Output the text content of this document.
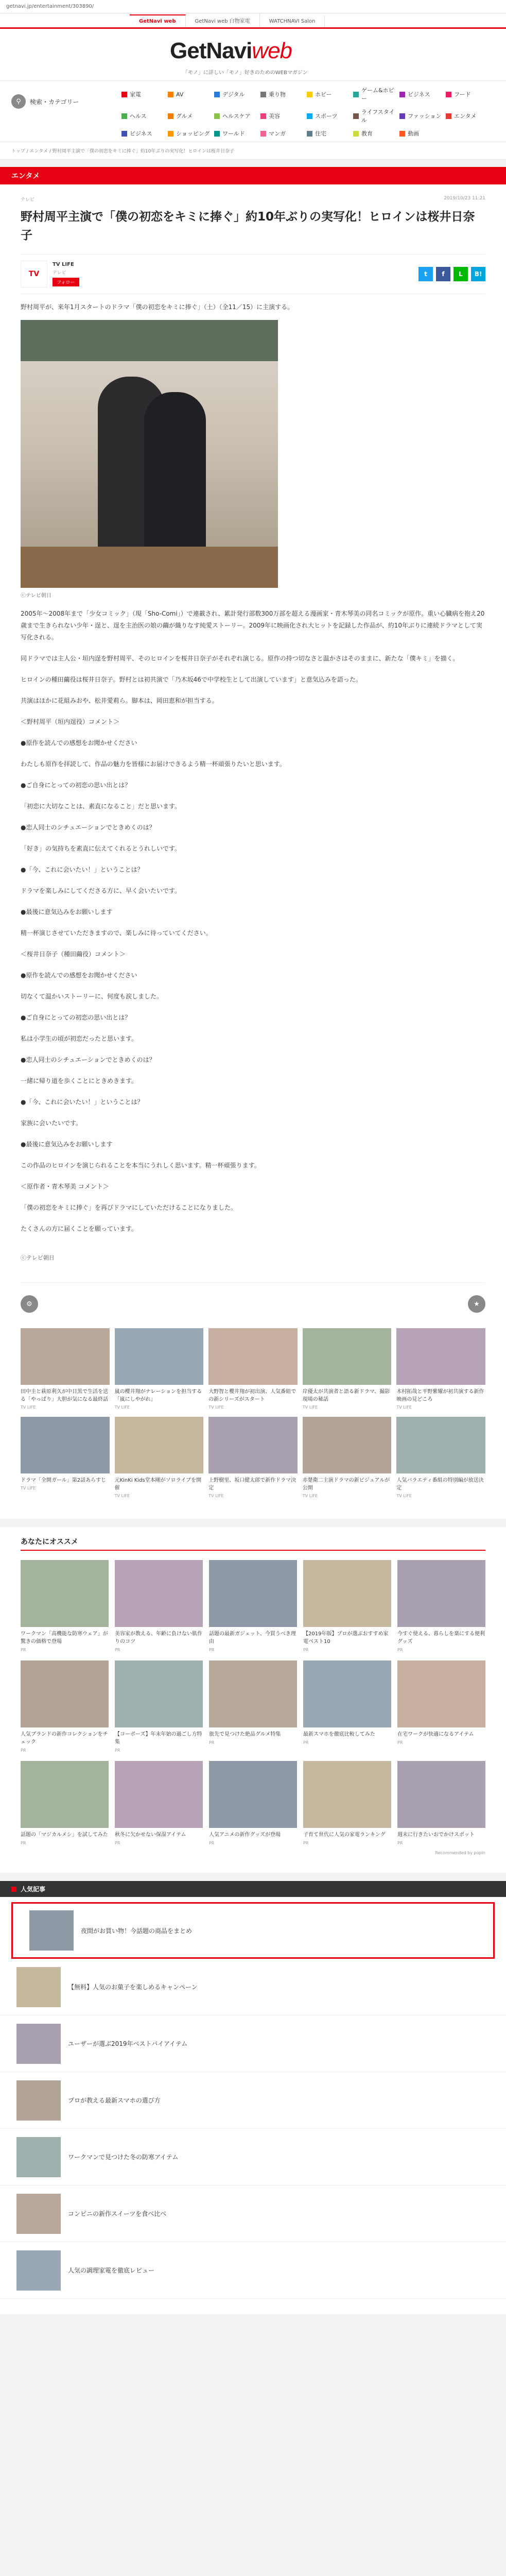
getnavi.jp/entertainment/303890/
GetNavi web	GetNavi web 白物家電	WATCHNAVI Salon
GetNaviweb
「モノ」に詳しい「モノ」好きのためのWEBマガジン
⚲	検索・カテゴリー
家電	AV	デジタル	乗り物	ホビー
ゲーム&ホビー
ビジネス	フード
ヘルス	グルメ	ヘルスケア	美容	スポーツ
ライフスタイル
ファッション エンタメ
ビジネス	ショッピング ワールド	マンガ	住宅	教育	動画
トップ / エンタメ / 野村周平主演で「僕の初恋をキミに捧ぐ」約10年ぶりの実写化！ヒロインは桜井日奈子
エンタメ
テレビ	2019/10/23 11:21
野村周平主演で「僕の初恋をキミに捧ぐ」約10年ぶりの実写化！ヒロインは桜井日奈子
TV
TV LIFE
テレビ
フォロー
t	f	L	B!

野村周平が、来年1月スタートのドラマ「僕の初恋をキミに捧ぐ」（土）（全11／15）に主演する。

ⓒテレビ朝日

2005年～2008年まで「少女コミック」（現「Sho-Comi」）で連載され、累計発行部数300万部を超える漫画家・青木琴美の同名コミックが原作。重い心臓病を抱え20歳まで生きられない少年・逞と、逞を主治医の娘の繭が織りなす純愛ストーリー。2009年に映画化され大ヒットを記録した作品が、約10年ぶりに連続ドラマとして実写化される。

同ドラマでは主人公・垣内逞を野村周平、そのヒロインを桜井日奈子がそれぞれ演じる。原作の持つ切なさと温かさはそのままに、新たな「僕キミ」を描く。

ヒロインの種田繭役は桜井日奈子。野村とは初共演で「乃木坂46で中学校生として出演しています」と意気込みを語った。

共演はほかに花組みおや、松井愛莉ら。脚本は、岡田恵和が担当する。

＜野村周平（垣内逞役）コメント＞

●原作を読んでの感想をお聞かせください

わたしも原作を拝読して、作品の魅力を皆様にお届けできるよう精一杯頑張りたいと思います。

●ご自身にとっての初恋の思い出とは？

「初恋に大切なことは、素直になること」だと思います。

●恋人同士のシチュエーションでときめくのは？

「好き」の気持ちを素直に伝えてくれるとうれしいです。

●「今、これに会いたい！」ということは？

ドラマを楽しみにしてくださる方に、早く会いたいです。

●最後に意気込みをお願いします

精一杯演じさせていただきますので、楽しみに待っていてください。

＜桜井日奈子（種田繭役）コメント＞

●原作を読んでの感想をお聞かせください

切なくて温かいストーリーに、何度も涙しました。

●ご自身にとっての初恋の思い出とは？

私は小学生の頃が初恋だったと思います。

●恋人同士のシチュエーションでときめくのは？

一緒に帰り道を歩くことにときめきます。

●「今、これに会いたい！」ということは？

家族に会いたいです。

●最後に意気込みをお願いします

この作品のヒロインを演じられることを本当にうれしく思います。精一杯頑張ります。

＜原作者・青木琴美 コメント＞

「僕の初恋をキミに捧ぐ」を再びドラマにしていただけることになりました。

たくさんの方に届くことを願っています。

ⓒテレビ朝日
⚙	★
田中圭と萩原利久が中目黒で生活を送る「やっぱり」大胆が気になる最終話
TV LIFE
嵐の櫻井翔がナレーションを担当する「嵐にしやがれ」
TV LIFE
大野智と櫻井翔が初出演、人気番組での新シリーズがスタート
TV LIFE
岸優太が共演者と語る新ドラマ、撮影現場の秘話
TV LIFE
木村拓哉と平野紫耀が初共演する新作映画の見どころ
TV LIFE
ドラマ「全開ガール」第2話あらすじ
TV LIFE
元KinKi Kids堂本剛がソロライブを開催
TV LIFE
上野樹里、坂口健太郎で新作ドラマ決定
TV LIFE
赤楚衛二主演ドラマの新ビジュアルが公開
TV LIFE
人気バラエティ番組の特別編が放送決定
TV LIFE
あなたにオススメ
ワークマン「高機能な防寒ウェア」が驚きの価格で登場
PR
美容家が教える、年齢に負けない肌作りのコツ
PR
話題の最新ガジェット、今買うべき理由
PR
【2019年版】プロが選ぶおすすめ家電ベスト10
PR
今すぐ使える、暮らしを楽にする便利グッズ
PR
人気ブランドの新作コレクションをチェック
PR
【コーポーズ】年末年始の過ごし方特集
PR
旅先で見つけた絶品グルメ特集
PR
最新スマホを徹底比較してみた
PR
在宅ワークが快適になるアイテム
PR
話題の「マジカルメシ」を試してみた
PR
秋冬に欠かせない保湿アイテム
PR
人気アニメの新作グッズが登場
PR
子育て世代に人気の家電ランキング
PR
週末に行きたいおでかけスポット
PR
Recommended by popIn
人気記事
夜間がお買い物！今話題の商品をまとめ
【無料】人気のお菓子を楽しめるキャンペーン
ユーザーが選ぶ2019年ベストバイアイテム
プロが教える最新スマホの選び方
ワークマンで見つけた冬の防寒アイテム
コンビニの新作スイーツを食べ比べ
人気の調理家電を徹底レビュー
